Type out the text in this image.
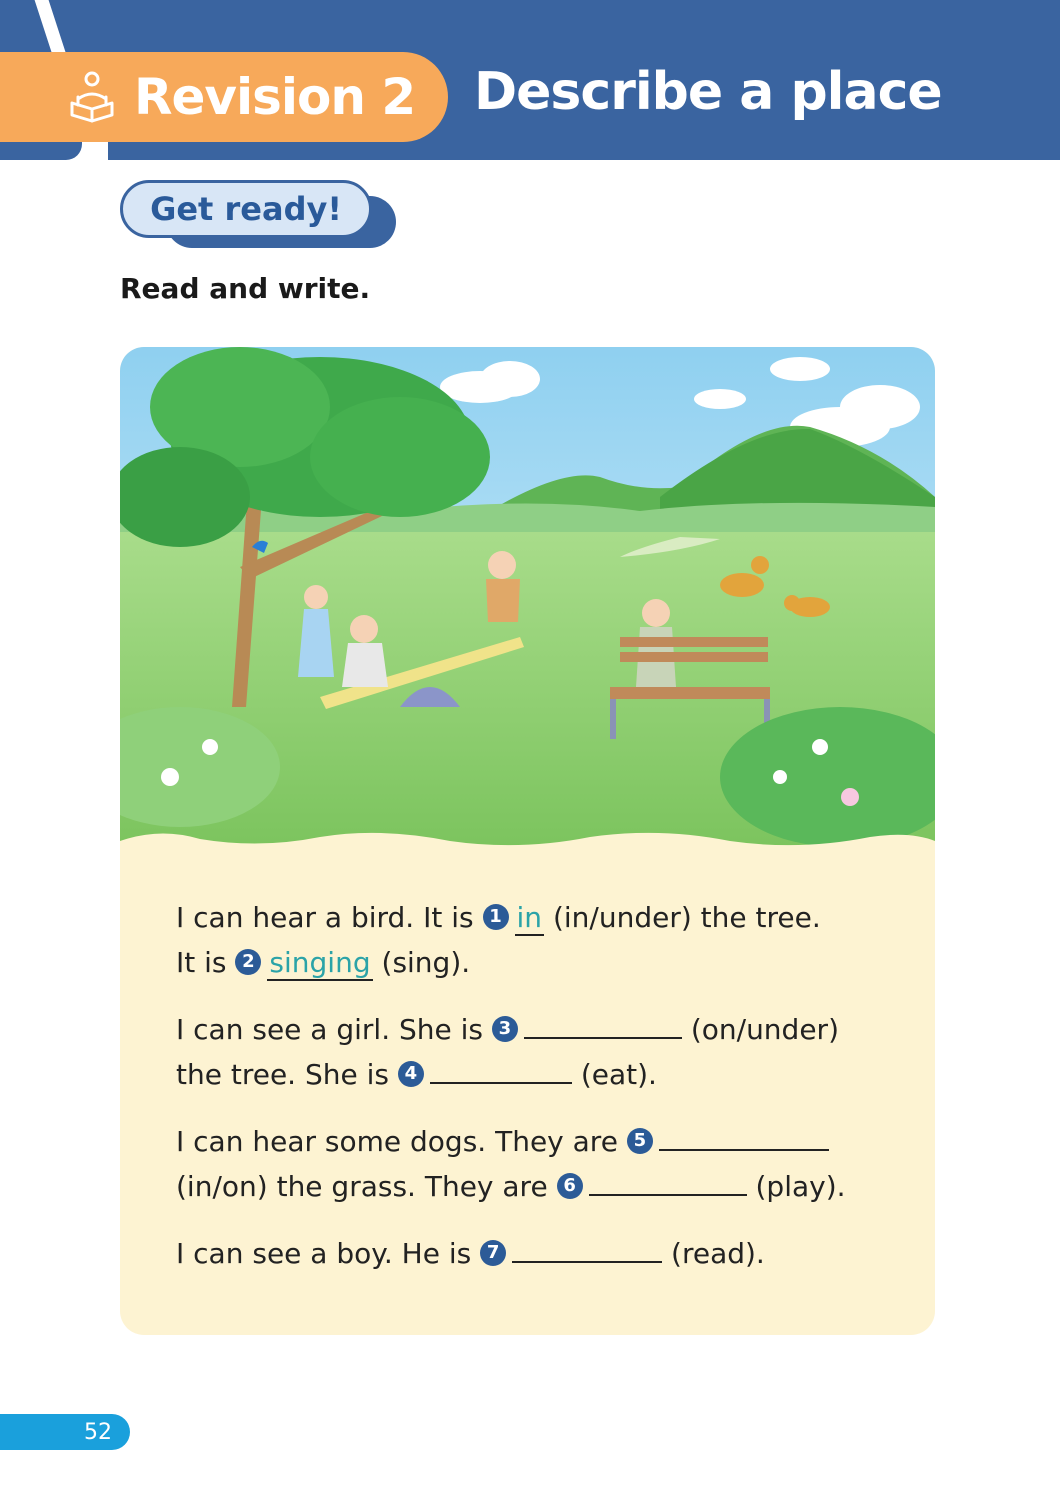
Revision 2 Describe a place
Get ready!
Read and write.

I can hear a bird. It is 1 in (in/under) the tree.
It is 2 singing (sing).

I can see a girl. She is 3	(on/under)
the tree. She is 4	(eat).

I can hear some dogs. They are 5
(in/on) the grass. They are 6	(play).

I can see a boy. He is 7	(read).

52
